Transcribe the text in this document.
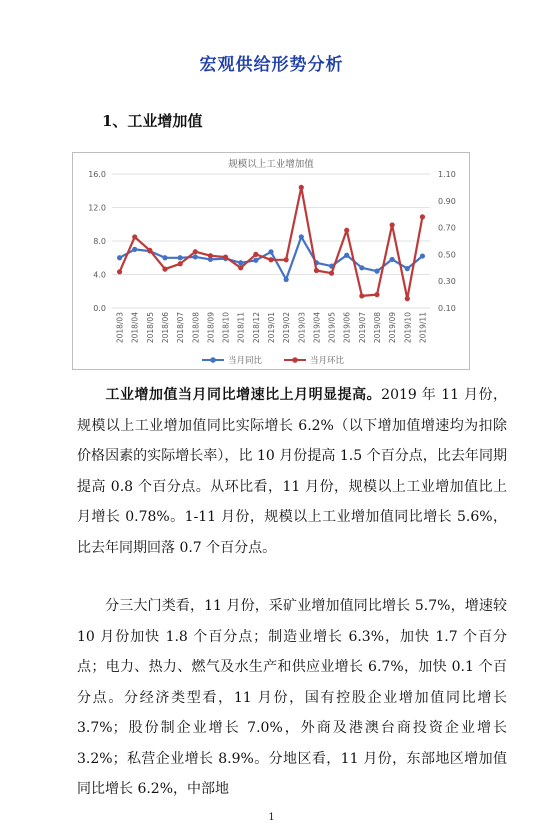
宏观供给形势分析
1、工业增加值
规模以上工业增加值
16.0
12.0
8.0
4.0
0.0
1.10
0.90
0.70
0.50
0.30
0.10
2018/03 2018/04 2018/05 2018/06 2018/07 2018/08 2018/09 2018/10 2018/11 2018/12 2019/01 2019/02 2019/03 2019/04 2019/05 2019/06 2019/07 2019/08 2019/09 2019/10 2019/11
当月同比	当月环比
工业增加值当月同比增速比上月明显提高。2019 年 11 月份，规模以上工业增加值同比实际增长 6.2%（以下增加值增速均为扣除价格因素的实际增长率），比 10 月份提高 1.5 个百分点，比去年同期提高 0.8 个百分点。从环比看，11 月份，规模以上工业增加值比上月增长 0.78%。1-11 月份，规模以上工业增加值同比增长 5.6%，比去年同期回落 0.7 个百分点。
分三大门类看，11 月份，采矿业增加值同比增长 5.7%，增速较 10 月份加快 1.8 个百分点；制造业增长 6.3%，加快 1.7 个百分点；电力、热力、燃气及水生产和供应业增长 6.7%，加快 0.1 个百分点。分经济类型看，11 月份，国有控股企业增加值同比增长 3.7%；股份制企业增长 7.0%，外商及港澳台商投资企业增长 3.2%；私营企业增长 8.9%。分地区看，11 月份，东部地区增加值同比增长 6.2%，中部地
1
